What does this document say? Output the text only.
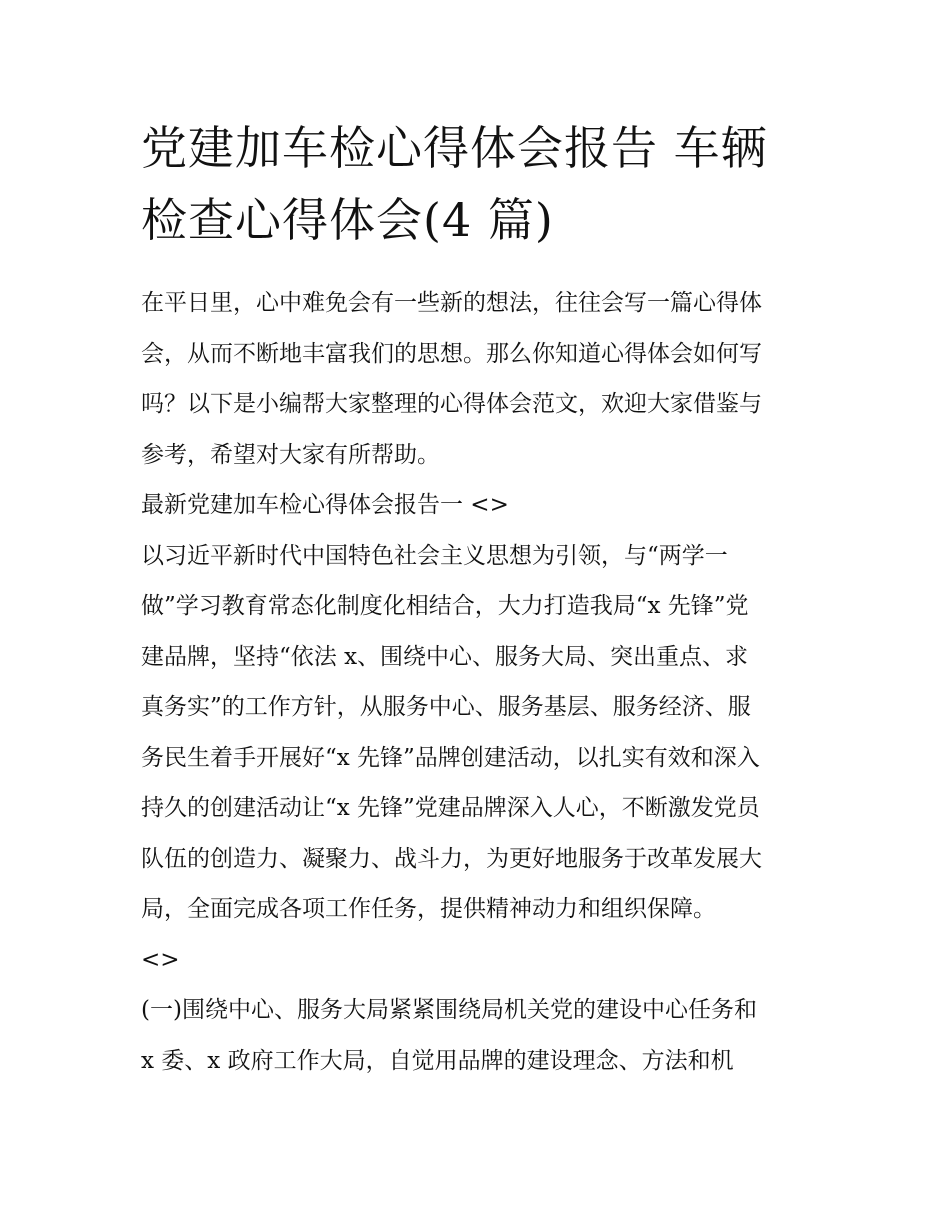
党建加车检心得体会报告 车辆
检查心得体会(4 篇)

在平日里，心中难免会有一些新的想法，往往会写一篇心得体
会，从而不断地丰富我们的思想。那么你知道心得体会如何写
吗？以下是小编帮大家整理的心得体会范文，欢迎大家借鉴与
参考，希望对大家有所帮助。

最新党建加车检心得体会报告一 <>

以习近平新时代中国特色社会主义思想为引领，与“两学一
做”学习教育常态化制度化相结合，大力打造我局“x 先锋”党
建品牌，坚持“依法 x、围绕中心、服务大局、突出重点、求
真务实”的工作方针，从服务中心、服务基层、服务经济、服
务民生着手开展好“x 先锋”品牌创建活动，以扎实有效和深入
持久的创建活动让“x 先锋”党建品牌深入人心，不断激发党员
队伍的创造力、凝聚力、战斗力，为更好地服务于改革发展大
局，全面完成各项工作任务，提供精神动力和组织保障。

<>

(一)围绕中心、服务大局紧紧围绕局机关党的建设中心任务和
x 委、x 政府工作大局，自觉用品牌的建设理念、方法和机
